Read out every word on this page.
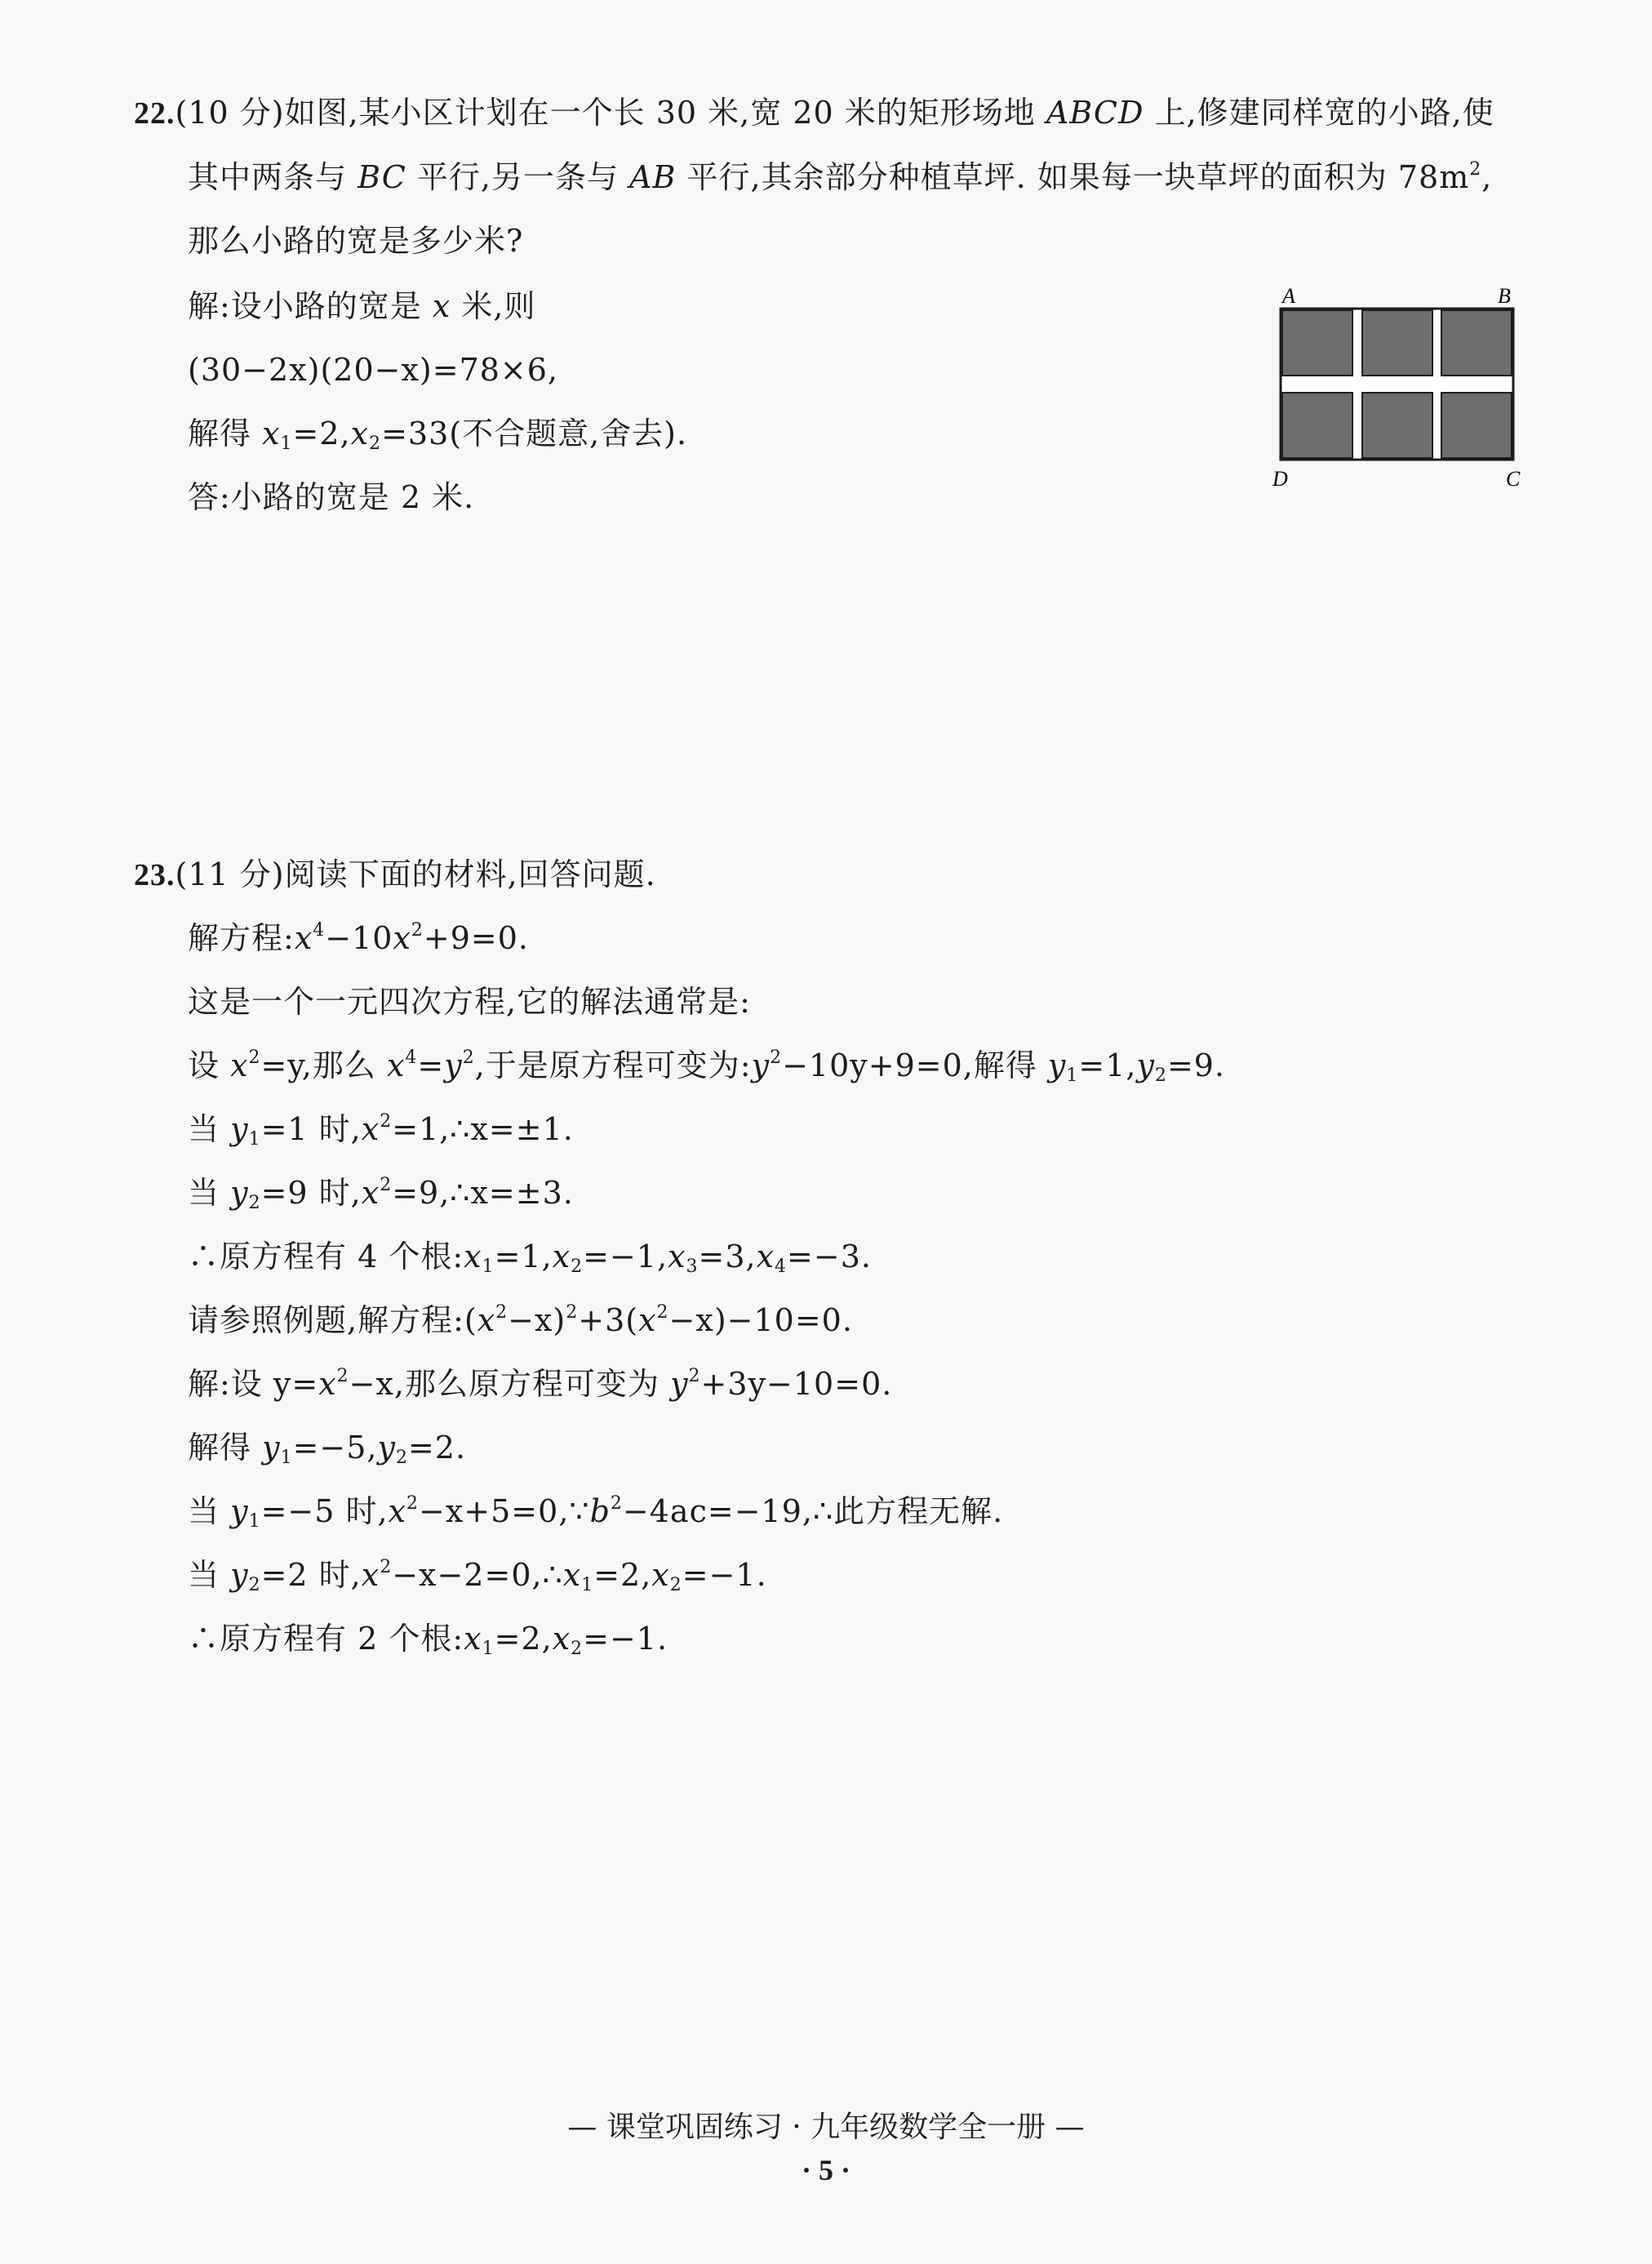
22.(10 分)如图,某小区计划在一个长 30 米,宽 20 米的矩形场地 ABCD 上,修建同样宽的小路,使
其中两条与 BC 平行,另一条与 AB 平行,其余部分种植草坪. 如果每一块草坪的面积为 $78m^2$,
那么小路的宽是多少米?
解:设小路的宽是 x 米,则
(30−2x)(20−x)=78×6,
解得 $x_1=2,x_2=33$(不合题意,舍去).
答:小路的宽是 2 米.
A	B
D	C
23.(11 分)阅读下面的材料,回答问题.
解方程$:x^4-10x^2+9=0$.
这是一个一元四次方程,它的解法通常是:
设 $x^2=y$,那么 $x^4=y^2$,于是原方程可变为$:y^2-10y+9=0$,解得 $y_1=1,y_2=9$.
当 $y_1=1$ 时$,x^2=1,\therefore x=\pm 1$.
当 $y_2=9$ 时$,x^2=9,\therefore x=\pm 3$.
∴原方程有 4 个根$:x_1=1,x_2=-1,x_3=3,x_4=-3$.
请参照例题,解方程$:(x^2-x)^2+3(x^2-x)-10=0$.
解:设 $y=x^2-x$,那么原方程可变为 $y^2+3y-10=0$.
解得 $y_1=-5,y_2=2$.
当 $y_1=-5$ 时$,x^2-x+5=0,\because b^2-4ac=-19,\therefore$此方程无解.
当 $y_2=2$ 时$,x^2-x-2=0,\therefore x_1=2,x_2=-1$.
∴原方程有 2 个根$:x_1=2,x_2=-1$.
— 课堂巩固练习 · 九年级数学全一册 —
· 5 ·
